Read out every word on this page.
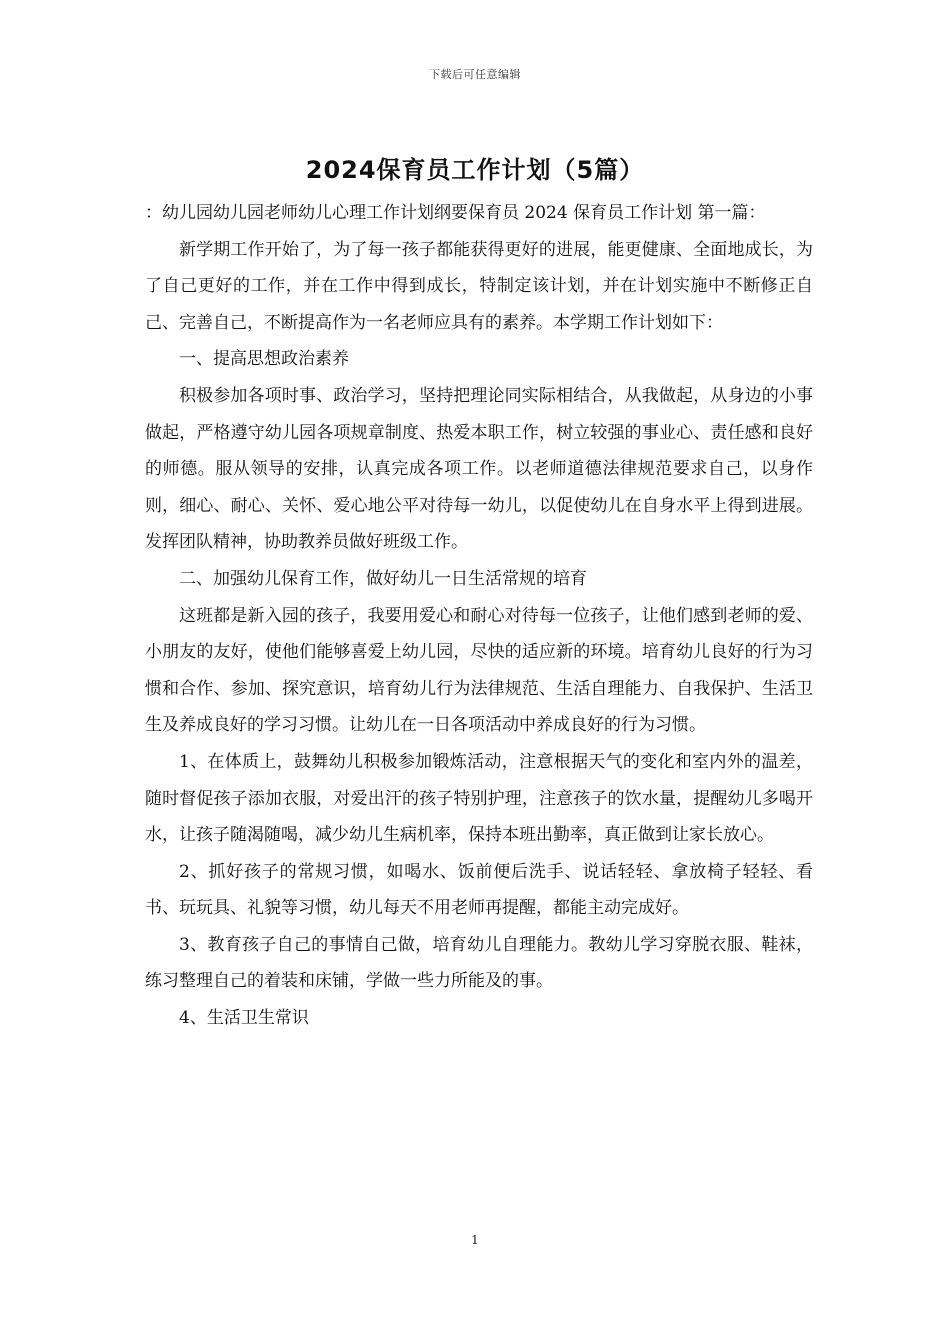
下载后可任意编辑
2024保育员工作计划（5篇）

：幼儿园幼儿园老师幼儿心理工作计划纲要保育员 2024 保育员工作计划 第一篇：

新学期工作开始了，为了每一孩子都能获得更好的进展，能更健康、全面地成长，为了自己更好的工作，并在工作中得到成长，特制定该计划，并在计划实施中不断修正自己、完善自己，不断提高作为一名老师应具有的素养。本学期工作计划如下：

一、提高思想政治素养

积极参加各项时事、政治学习，坚持把理论同实际相结合，从我做起，从身边的小事做起，严格遵守幼儿园各项规章制度、热爱本职工作，树立较强的事业心、责任感和良好的师德。服从领导的安排，认真完成各项工作。以老师道德法律规范要求自己，以身作则，细心、耐心、关怀、爱心地公平对待每一幼儿，以促使幼儿在自身水平上得到进展。发挥团队精神，协助教养员做好班级工作。

二、加强幼儿保育工作，做好幼儿一日生活常规的培育

这班都是新入园的孩子，我要用爱心和耐心对待每一位孩子，让他们感到老师的爱、小朋友的友好，使他们能够喜爱上幼儿园，尽快的适应新的环境。培育幼儿良好的行为习惯和合作、参加、探究意识，培育幼儿行为法律规范、生活自理能力、自我保护、生活卫生及养成良好的学习习惯。让幼儿在一日各项活动中养成良好的行为习惯。

1、在体质上，鼓舞幼儿积极参加锻炼活动，注意根据天气的变化和室内外的温差，随时督促孩子添加衣服，对爱出汗的孩子特别护理，注意孩子的饮水量，提醒幼儿多喝开水，让孩子随渴随喝，减少幼儿生病机率，保持本班出勤率，真正做到让家长放心。

2、抓好孩子的常规习惯，如喝水、饭前便后洗手、说话轻轻、拿放椅子轻轻、看书、玩玩具、礼貌等习惯，幼儿每天不用老师再提醒，都能主动完成好。

3、教育孩子自己的事情自己做，培育幼儿自理能力。教幼儿学习穿脱衣服、鞋袜，练习整理自己的着装和床铺，学做一些力所能及的事。

4、生活卫生常识

1
